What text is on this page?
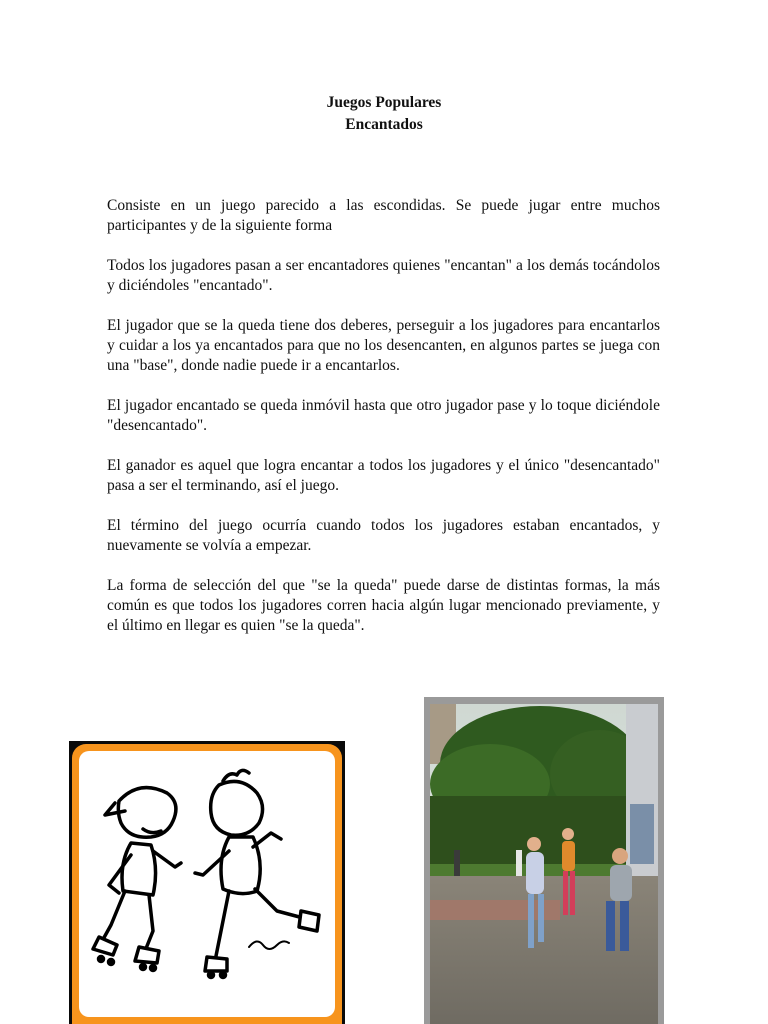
Juegos Populares
Encantados

Consiste en un juego parecido a las escondidas. Se puede jugar entre muchos participantes y de la siguiente forma

Todos los jugadores pasan a ser encantadores quienes "encantan" a los demás tocándolos y diciéndoles "encantado".

El jugador que se la queda tiene dos deberes, perseguir a los jugadores para encantarlos y cuidar a los ya encantados para que no los desencanten, en algunos partes se juega con una "base", donde nadie puede ir a encantarlos.

El jugador encantado se queda inmóvil hasta que otro jugador pase y lo toque diciéndole "desencantado".

El ganador es aquel que logra encantar a todos los jugadores y el único "desencantado" pasa a ser el terminando, así el juego.

El término del juego ocurría cuando todos los jugadores estaban encantados, y nuevamente se volvía a empezar.

La forma de selección del que "se la queda" puede darse de distintas formas, la más común es que todos los jugadores corren hacia algún lugar mencionado previamente, y el último en llegar es quien "se la queda".
